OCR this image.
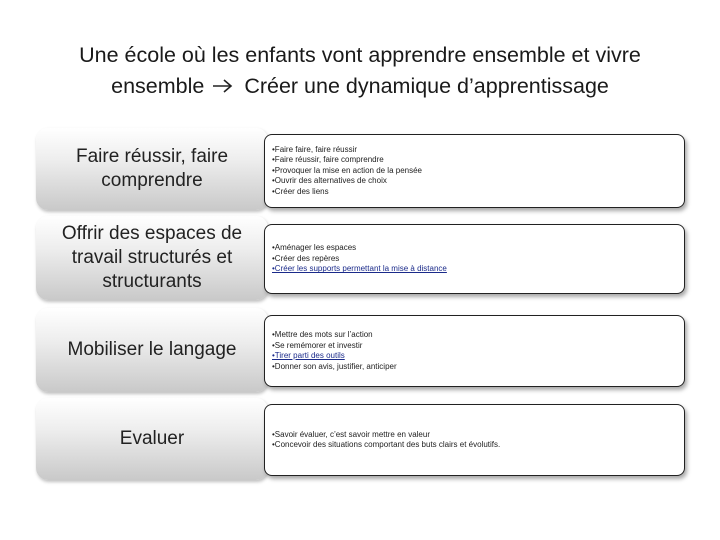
Une école où les enfants vont apprendre ensemble et vivre
ensemble Créer une dynamique d’apprentissage
Faire réussir, faire comprendre
•Faire faire, faire réussir
•Faire réussir, faire comprendre
•Provoquer la mise en action de la pensée
•Ouvrir des alternatives de choix
•Créer des liens
Offrir des espaces de travail structurés et structurants
•Aménager les espaces
•Créer des repères
•Créer les supports permettant la mise à distance
Mobiliser le langage
•Mettre des mots sur l’action
•Se remémorer et investir
•Tirer parti des outils
•Donner son avis, justifier, anticiper
Evaluer	•Savoir évaluer, c’est savoir mettre en valeur
•Concevoir des situations comportant des buts clairs et évolutifs.
